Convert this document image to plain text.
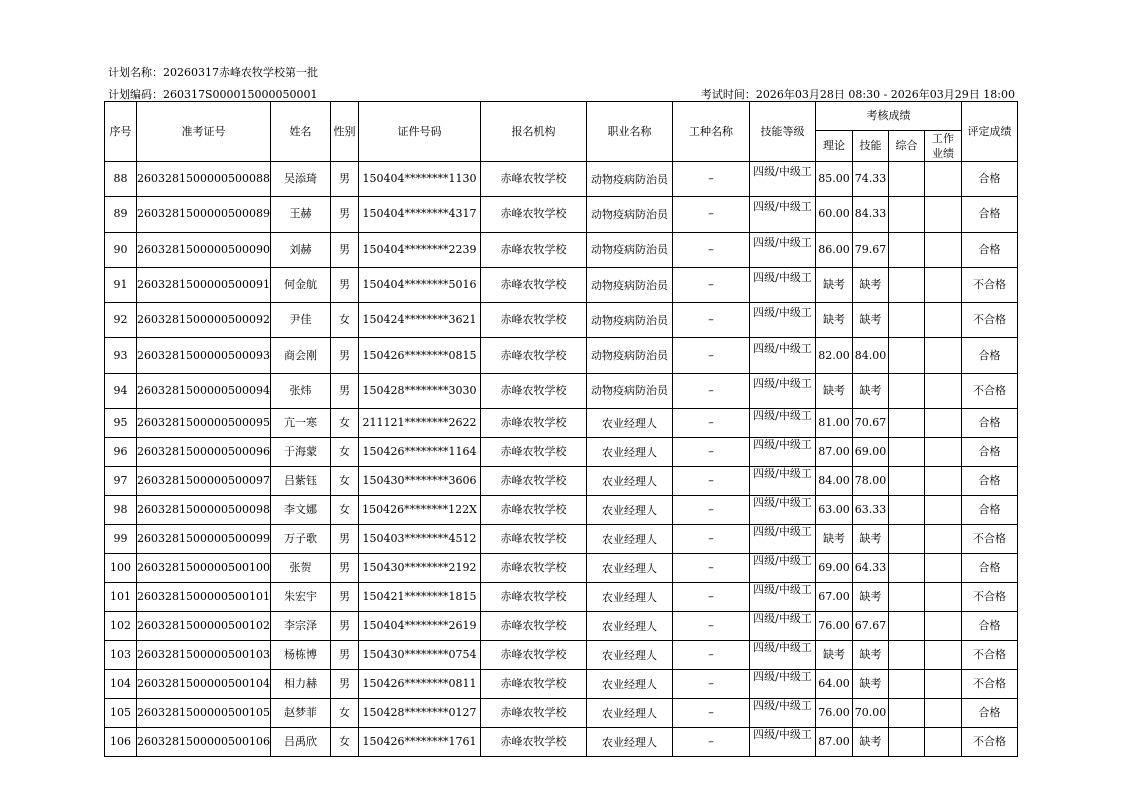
计划名称：20260317赤峰农牧学校第一批
计划编码：260317S000015000050001	考试时间：2026年03月28日 08:30 - 2026年03月29日 18:00
序号	准考证号	姓名	性别	证件号码	报名机构	职业名称	工种名称	技能等级	考核成绩				评定成绩
									理论	技能	综合	工作
业绩	

88	2603281500000500088	吴添琦	男	150404********1130	赤峰农牧学校	动物疫病防治员	–	四级/中级工	85.00	74.33			合格
89	2603281500000500089	王赫	男	150404********4317	赤峰农牧学校	动物疫病防治员	–	四级/中级工	60.00	84.33			合格
90	2603281500000500090	刘赫	男	150404********2239	赤峰农牧学校	动物疫病防治员	–	四级/中级工	86.00	79.67			合格
91	2603281500000500091	何金航	男	150404********5016	赤峰农牧学校	动物疫病防治员	–	四级/中级工	缺考	缺考			不合格
92	2603281500000500092	尹佳	女	150424********3621	赤峰农牧学校	动物疫病防治员	–	四级/中级工	缺考	缺考			不合格
93	2603281500000500093	商会刚	男	150426********0815	赤峰农牧学校	动物疫病防治员	–	四级/中级工	82.00	84.00			合格
94	2603281500000500094	张炜	男	150428********3030	赤峰农牧学校	动物疫病防治员	–	四级/中级工	缺考	缺考			不合格
95	2603281500000500095	亢一寒	女	211121********2622	赤峰农牧学校	农业经理人	–	四级/中级工	81.00	70.67			合格
96	2603281500000500096	于海蒙	女	150426********1164	赤峰农牧学校	农业经理人	–	四级/中级工	87.00	69.00			合格
97	2603281500000500097	吕紫钰	女	150430********3606	赤峰农牧学校	农业经理人	–	四级/中级工	84.00	78.00			合格
98	2603281500000500098	李文娜	女	150426********122X	赤峰农牧学校	农业经理人	–	四级/中级工	63.00	63.33			合格
99	2603281500000500099	万子歌	男	150403********4512	赤峰农牧学校	农业经理人	–	四级/中级工	缺考	缺考			不合格
100	2603281500000500100	张贺	男	150430********2192	赤峰农牧学校	农业经理人	–	四级/中级工	69.00	64.33			合格
101	2603281500000500101	朱宏宇	男	150421********1815	赤峰农牧学校	农业经理人	–	四级/中级工	67.00	缺考			不合格
102	2603281500000500102	李宗泽	男	150404********2619	赤峰农牧学校	农业经理人	–	四级/中级工	76.00	67.67			合格
103	2603281500000500103	杨栋博	男	150430********0754	赤峰农牧学校	农业经理人	–	四级/中级工	缺考	缺考			不合格
104	2603281500000500104	相力赫	男	150426********0811	赤峰农牧学校	农业经理人	–	四级/中级工	64.00	缺考			不合格
105	2603281500000500105	赵梦菲	女	150428********0127	赤峰农牧学校	农业经理人	–	四级/中级工	76.00	70.00			合格
106	2603281500000500106	吕禹欣	女	150426********1761	赤峰农牧学校	农业经理人	–	四级/中级工	87.00	缺考			不合格
